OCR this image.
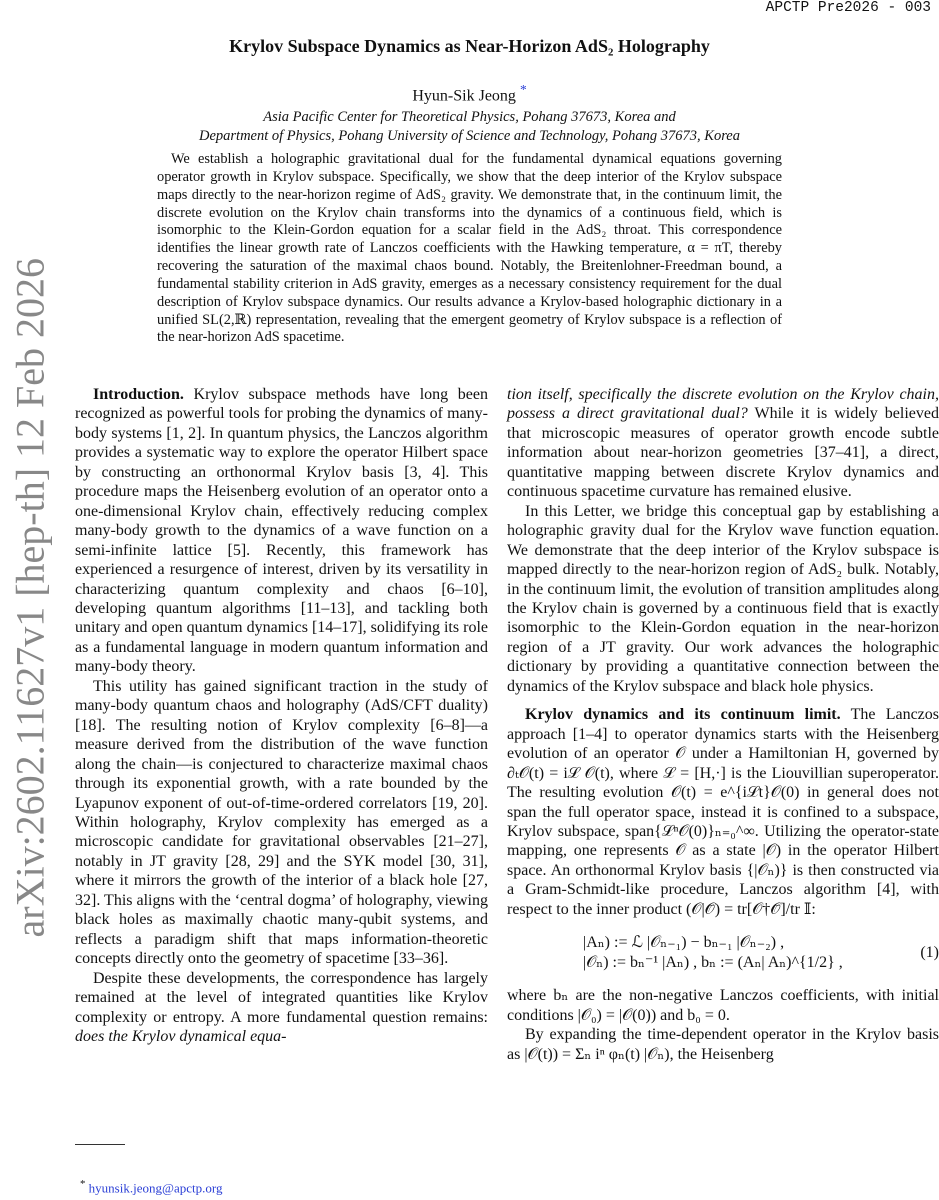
APCTP Pre2026 - 003
Krylov Subspace Dynamics as Near-Horizon AdS₂ Holography
Hyun-Sik Jeong *
Asia Pacific Center for Theoretical Physics, Pohang 37673, Korea and
Department of Physics, Pohang University of Science and Technology, Pohang 37673, Korea
We establish a holographic gravitational dual for the fundamental dynamical equations governing operator growth in Krylov subspace. Specifically, we show that the deep interior of the Krylov subspace maps directly to the near-horizon regime of AdS₂ gravity. We demonstrate that, in the continuum limit, the discrete evolution on the Krylov chain transforms into the dynamics of a continuous field, which is isomorphic to the Klein-Gordon equation for a scalar field in the AdS₂ throat. This correspondence identifies the linear growth rate of Lanczos coefficients with the Hawking temperature, α = πT, thereby recovering the saturation of the maximal chaos bound. Notably, the Breitenlohner-Freedman bound, a fundamental stability criterion in AdS gravity, emerges as a necessary consistency requirement for the dual description of Krylov subspace dynamics. Our results advance a Krylov-based holographic dictionary in a unified SL(2,ℝ) representation, revealing that the emergent geometry of Krylov subspace is a reflection of the near-horizon AdS spacetime.
arXiv:2602.11627v1 [hep-th] 12 Feb 2026	Introduction. Krylov subspace methods have long been recognized as powerful tools for probing the dynamics of many-body systems [1, 2]. In quantum physics, the Lanczos algorithm provides a systematic way to explore the operator Hilbert space by constructing an orthonormal Krylov basis [3, 4]. This procedure maps the Heisenberg evolution of an operator onto a one-dimensional Krylov chain, effectively reducing complex many-body growth to the dynamics of a wave function on a semi-infinite lattice [5]. Recently, this framework has experienced a resurgence of interest, driven by its versatility in characterizing quantum complexity and chaos [6–10], developing quantum algorithms [11–13], and tackling both unitary and open quantum dynamics [14–17], solidifying its role as a fundamental language in modern quantum information and many-body theory.

This utility has gained significant traction in the study of many-body quantum chaos and holography (AdS/CFT duality) [18]. The resulting notion of Krylov complexity [6–8]—a measure derived from the distribution of the wave function along the chain—is conjectured to characterize maximal chaos through its exponential growth, with a rate bounded by the Lyapunov exponent of out-of-time-ordered correlators [19, 20]. Within holography, Krylov complexity has emerged as a microscopic candidate for gravitational observables [21–27], notably in JT gravity [28, 29] and the SYK model [30, 31], where it mirrors the growth of the interior of a black hole [27, 32]. This aligns with the ‘central dogma’ of holography, viewing black holes as maximally chaotic many-qubit systems, and reflects a paradigm shift that maps information-theoretic concepts directly onto the geometry of spacetime [33–36].

Despite these developments, the correspondence has largely remained at the level of integrated quantities like Krylov complexity or entropy. A more fundamental question remains: does the Krylov dynamical equa-

tion itself, specifically the discrete evolution on the Krylov chain, possess a direct gravitational dual? While it is widely believed that microscopic measures of operator growth encode subtle information about near-horizon geometries [37–41], a direct, quantitative mapping between discrete Krylov dynamics and continuous spacetime curvature has remained elusive.

In this Letter, we bridge this conceptual gap by establishing a holographic gravity dual for the Krylov wave function equation. We demonstrate that the deep interior of the Krylov subspace is mapped directly to the near-horizon region of AdS₂ bulk. Notably, in the continuum limit, the evolution of transition amplitudes along the Krylov chain is governed by a continuous field that is exactly isomorphic to the Klein-Gordon equation in the near-horizon region of a JT gravity. Our work advances the holographic dictionary by providing a quantitative connection between the dynamics of the Krylov subspace and black hole physics.

Krylov dynamics and its continuum limit. The Lanczos approach [1–4] to operator dynamics starts with the Heisenberg evolution of an operator 𝒪 under a Hamiltonian H, governed by ∂ₜ𝒪(t) = iℒ 𝒪(t), where ℒ = [H,·] is the Liouvillian superoperator. The resulting evolution 𝒪(t) = e^{iℒt}𝒪(0) in general does not span the full operator space, instead it is confined to a subspace, Krylov subspace, span{ℒⁿ𝒪(0)}ₙ₌₀^∞. Utilizing the operator-state mapping, one represents 𝒪 as a state |𝒪) in the operator Hilbert space. An orthonormal Krylov basis {|𝒪ₙ)} is then constructed via a Gram-Schmidt-like procedure, Lanczos algorithm [4], with respect to the inner product (𝒪|𝒪̄) = tr[𝒪†𝒪̄]/tr 𝕀:

|Aₙ) := ℒ |𝒪ₙ₋₁) − bₙ₋₁ |𝒪ₙ₋₂) ,
|𝒪ₙ) := bₙ⁻¹ |Aₙ) , bₙ := (Aₙ| Aₙ)^{1/2} ,
(1)

where bₙ are the non-negative Lanczos coefficients, with initial conditions |𝒪₀) = |𝒪(0)) and b₀ = 0.

By expanding the time-dependent operator in the Krylov basis as |𝒪(t)) = Σₙ iⁿ φₙ(t) |𝒪ₙ), the Heisenberg

* hyunsik.jeong@apctp.org
